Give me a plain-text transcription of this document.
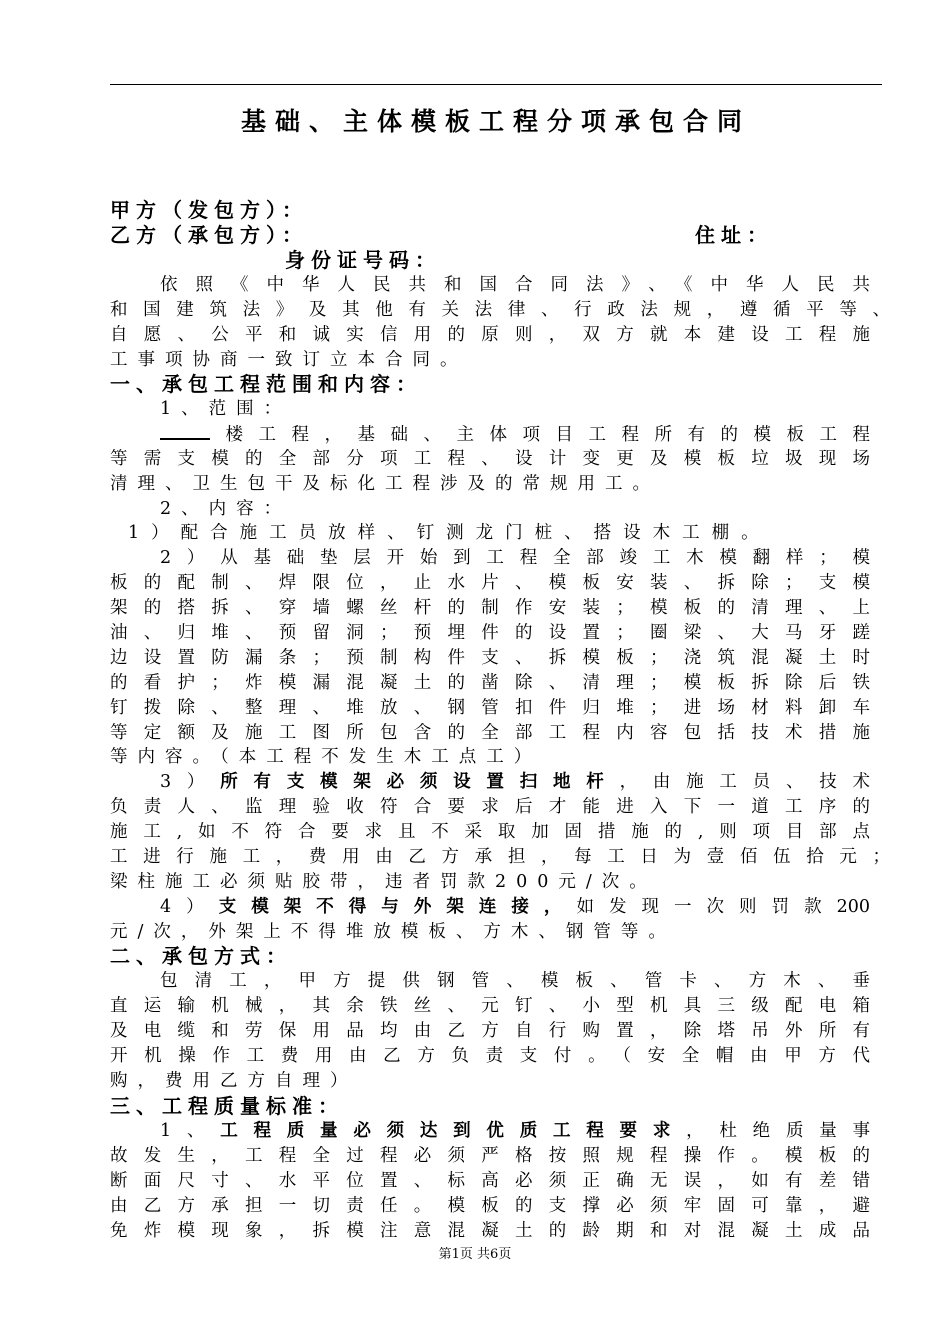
基础、主体模板工程分项承包合同
甲方（发包方）：
乙方（承包方）：	住址：
身份证号码：
依照《中华人民共和国合同法》、《中华人民共
和国建筑法》及其他有关法律、行政法规，遵循平等、
自愿、公平和诚实信用的原则，双方就本建设工程施
工事项协商一致订立本合同。
一、承包工程范围和内容：
1、范围：
楼工程，基础、主体项目工程所有的模板工程
等需支模的全部分项工程、设计变更及模板垃圾现场
清理、卫生包干及标化工程涉及的常规用工。
2、内容：
1）配合施工员放样、钉测龙门桩、搭设木工棚。
2）从基础垫层开始到工程全部竣工木模翻样；模
板的配制、焊限位，止水片、模板安装、拆除；支模
架的搭拆、穿墙螺丝杆的制作安装；模板的清理、上
油、归堆、预留洞；预埋件的设置；圈梁、大马牙蹉
边设置防漏条；预制构件支、拆模板；浇筑混凝土时
的看护；炸模漏混凝土的凿除、清理；模板拆除后铁
钉拨除、整理、堆放、钢管扣件归堆；进场材料卸车
等定额及施工图所包含的全部工程内容包括技术措施
等内容。（本工程不发生木工点工）
3）所有支模架必须设置扫地杆，由施工员、技术
负责人、监理验收符合要求后才能进入下一道工序的
施工,如不符合要求且不采取加固措施的,则项目部点
工进行施工，费用由乙方承担，每工日为壹佰伍拾元；
梁柱施工必须贴胶带，违者罚款200元/次。
4）支模架不得与外架连接，如发现一次则罚款200
元/次，外架上不得堆放模板、方木、钢管等。
二、承包方式：
包清工，甲方提供钢管、模板、管卡、方木、垂
直运输机械，其余铁丝、元钉、小型机具三级配电箱
及电缆和劳保用品均由乙方自行购置，除塔吊外所有
开机操作工费用由乙方负责支付。（安全帽由甲方代
购，费用乙方自理）
三、工程质量标准：
1、工程质量必须达到优质工程要求，杜绝质量事
故发生，工程全过程必须严格按照规程操作。模板的
断面尺寸、水平位置、标高必须正确无误，如有差错
由乙方承担一切责任。模板的支撑必须牢固可靠，避
免炸模现象，拆模注意混凝土的龄期和对混凝土成品
第1页 共6页
